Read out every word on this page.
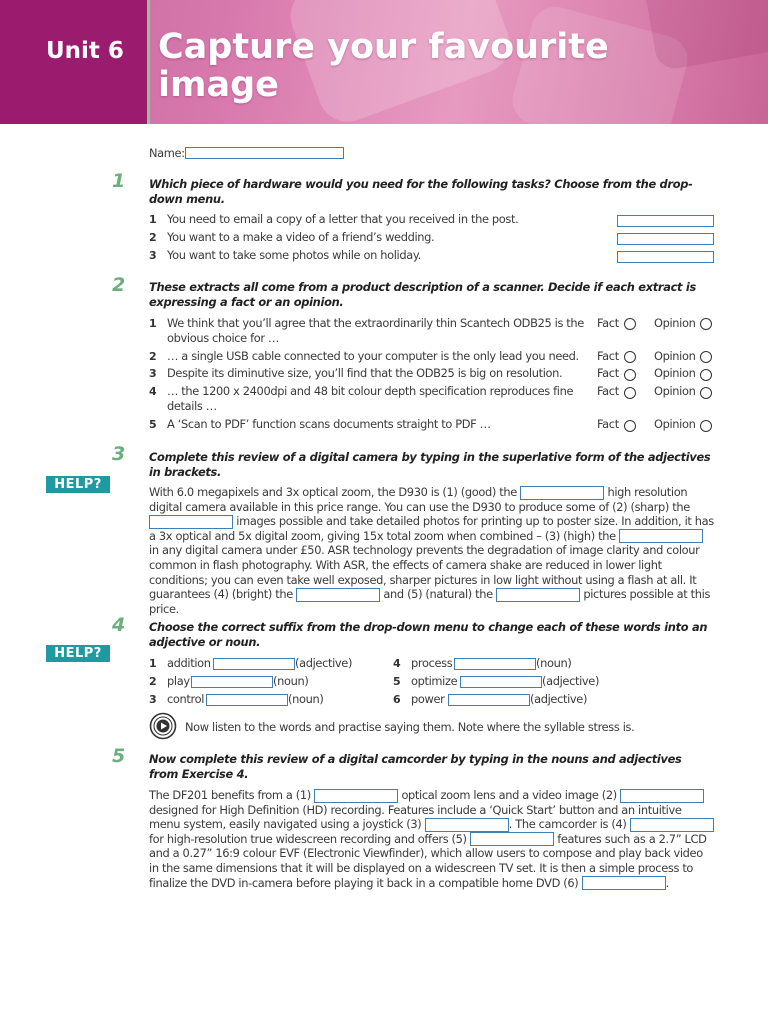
Unit 6 Capture your favourite image
Name:
1 Which piece of hardware would you need for the following tasks? Choose from the drop-down menu.
1 You need to email a copy of a letter that you received in the post.
2 You want to a make a video of a friend’s wedding.
3 You want to take some photos while on holiday.
2 These extracts all come from a product description of a scanner. Decide if each extract is expressing a fact or an opinion.
1 We think that you’ll agree that the extraordinarily thin Scantech ODB25 is the
obvious choice for …
Fact	Opinion
2 … a single USB cable connected to your computer is the only lead you need. Fact	Opinion
3 Despite its diminutive size, you’ll find that the ODB25 is big on resolution.	Fact	Opinion
4 … the 1200 x 2400dpi and 48 bit colour depth specification reproduces fine
details …
Fact	Opinion
5 A ‘Scan to PDF’ function scans documents straight to PDF …	Fact	Opinion
3
HELP?
Complete this review of a digital camera by typing in the superlative form of the adjectives in brackets.
With 6.0 megapixels and 3x optical zoom, the D930 is (1) (good) the	high resolution digital camera available in this price range. You can use the D930 to produce some of (2) (sharp) the  images possible and take detailed photos for printing up to poster size. In addition, it has a 3x optical and 5x digital zoom, giving 15x total zoom when combined – (3) (high) the  in any digital camera under £50. ASR technology prevents the degradation of image clarity and colour common in flash photography. With ASR, the effects of camera shake are reduced in lower light conditions; you can even take well exposed, sharper pictures in low light without using a flash at all. It guarantees (4) (bright) the	and (5) (natural) the	pictures possible at this price.
4
HELP?
Choose the correct suffix from the drop-down menu to change each of these words into an adjective or noun.
1 addition	(adjective)
2 play	(noun)
3 control	(noun)
4 process	(noun)
5 optimize	(adjective)
6 power	(adjective)
Now listen to the words and practise saying them. Note where the syllable stress is.
5 Now complete this review of a digital camcorder by typing in the nouns and adjectives from Exercise 4.
The DF201 benefits from a (1)	optical zoom lens and a video image (2)  designed for High Definition (HD) recording. Features include a ‘Quick Start’ button and an intuitive menu system, easily navigated using a joystick (3)	. The camcorder is (4)  for high-resolution true widescreen recording and offers (5)	features such as a 2.7” LCD and a 0.27” 16:9 colour EVF (Electronic Viewfinder), which allow users to compose and play back video in the same dimensions that it will be displayed on a widescreen TV set. It is then a simple process to finalize the DVD in-camera before playing it back in a compatible home DVD (6)	.
